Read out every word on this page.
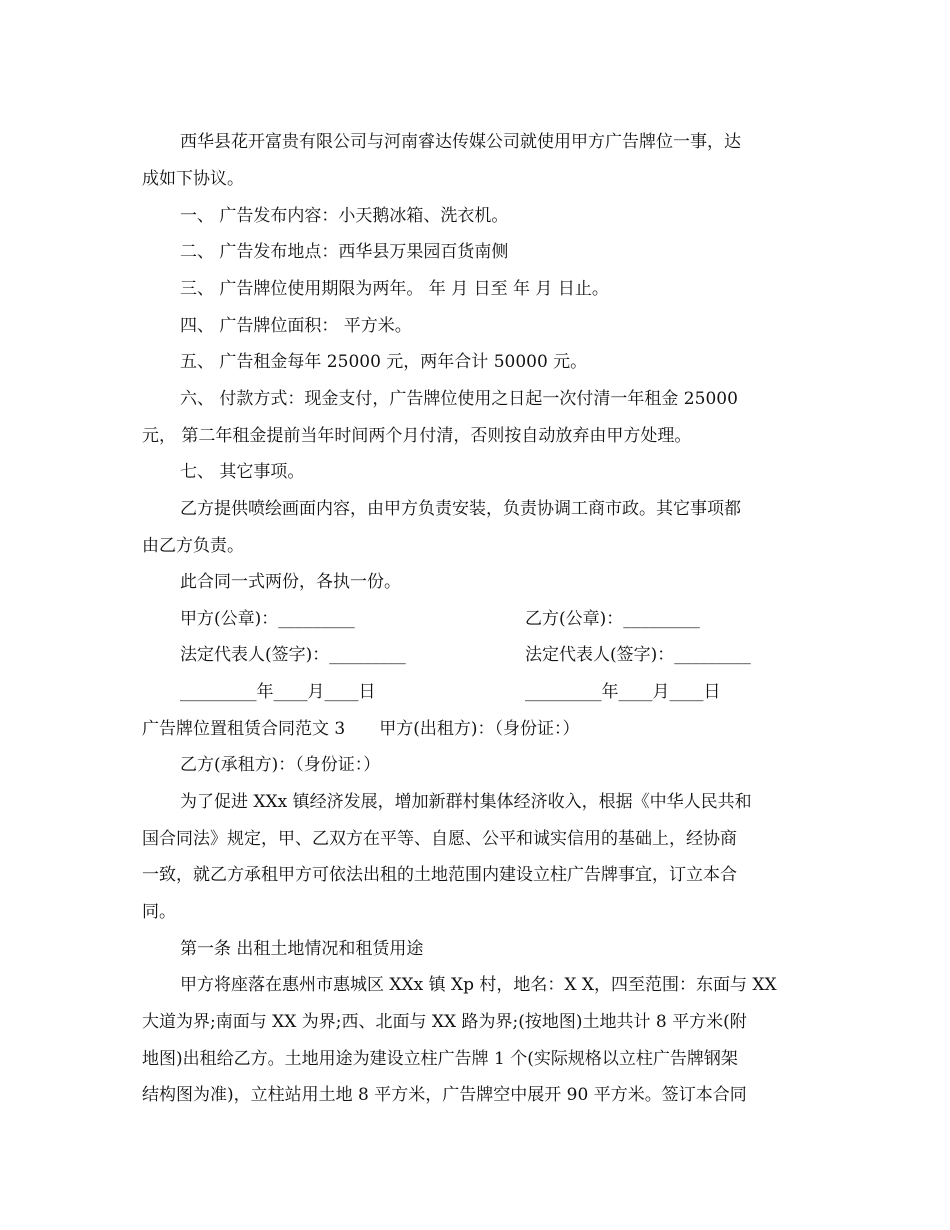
西华县花开富贵有限公司与河南睿达传媒公司就使用甲方广告牌位一事，达
成如下协议。
一、 广告发布内容：小天鹅冰箱、洗衣机。
二、 广告发布地点：西华县万果园百货南侧
三、 广告牌位使用期限为两年。 年 月 日至 年 月 日止。
四、 广告牌位面积： 平方米。
五、 广告租金每年 25000 元，两年合计 50000 元。
六、 付款方式：现金支付，广告牌位使用之日起一次付清一年租金 25000
元， 第二年租金提前当年时间两个月付清，否则按自动放弃由甲方处理。
七、 其它事项。
乙方提供喷绘画面内容，由甲方负责安装，负责协调工商市政。其它事项都
由乙方负责。
此合同一式两份，各执一份。
甲方(公章)：_________	乙方(公章)：_________
法定代表人(签字)：_________	法定代表人(签字)：_________
_________年____月____日	_________年____月____日
广告牌位置租赁合同范文 3　　甲方(出租方)：（身份证：）
乙方(承租方)：（身份证：）
为了促进 XXx 镇经济发展，增加新群村集体经济收入，根据《中华人民共和
国合同法》规定，甲、乙双方在平等、自愿、公平和诚实信用的基础上，经协商
一致，就乙方承租甲方可依法出租的土地范围内建设立柱广告牌事宜，订立本合
同。
第一条 出租土地情况和租赁用途
甲方将座落在惠州市惠城区 XXx 镇 Xp 村，地名：X X，四至范围：东面与 XX
大道为界;南面与 XX 为界;西、北面与 XX 路为界;(按地图)土地共计 8 平方米(附
地图)出租给乙方。土地用途为建设立柱广告牌 1 个(实际规格以立柱广告牌钢架
结构图为准)，立柱站用土地 8 平方米，广告牌空中展开 90 平方米。签订本合同
